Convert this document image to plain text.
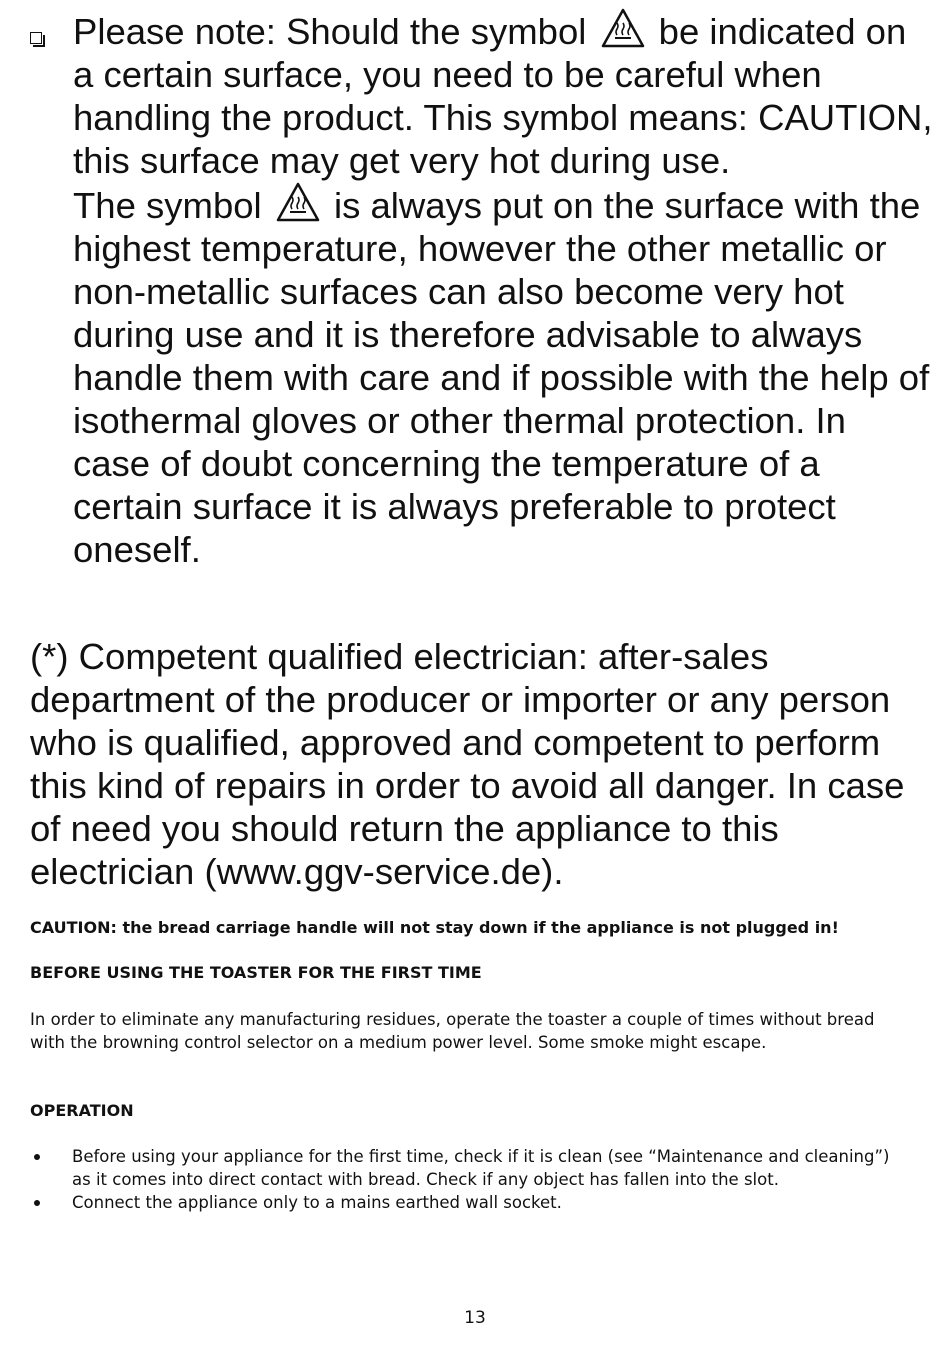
Please note: Should the symbol be indicated on a certain surface, you need to be careful when handling the product. This symbol means: CAUTION, this surface may get very hot during use.
The symbol is always put on the surface with the highest temperature, however the other metallic or non-metallic surfaces can also become very hot during use and it is therefore advisable to always handle them with care and if possible with the help of isothermal gloves or other thermal protection. In case of doubt concerning the temperature of a certain surface it is always preferable to protect oneself.

(*) Competent qualified electrician: after-sales department of the producer or importer or any person who is qualified, approved and competent to perform this kind of repairs in order to avoid all danger. In case of need you should return the appliance to this electrician (www.ggv-service.de).

CAUTION: the bread carriage handle will not stay down if the appliance is not plugged in!

BEFORE USING THE TOASTER FOR THE FIRST TIME

In order to eliminate any manufacturing residues, operate the toaster a couple of times without bread with the browning control selector on a medium power level. Some smoke might escape.

OPERATION

Before using your appliance for the first time, check if it is clean (see “Maintenance and cleaning”) as it comes into direct contact with bread. Check if any object has fallen into the slot.
Connect the appliance only to a mains earthed wall socket.
13
